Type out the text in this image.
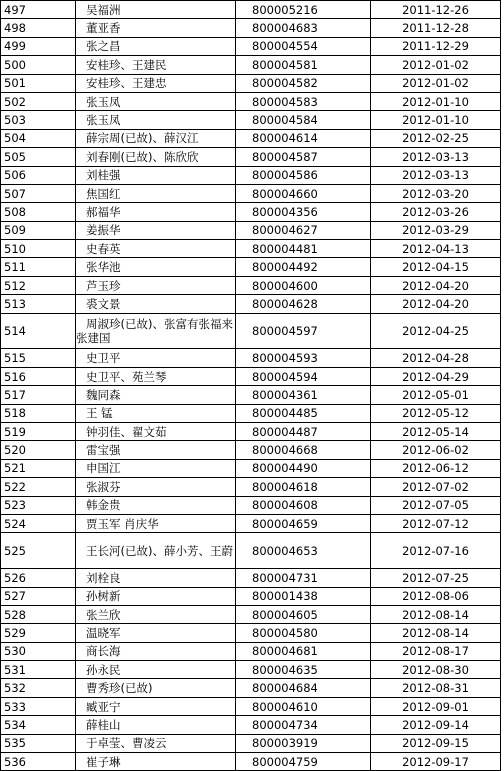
497	吴福洲	800005216	2011-12-26
498	董亚香	800004683	2011-12-28
499	张之昌	800004554	2011-12-29
500	安桂珍、王建民	800004581	2012-01-02
501	安桂珍、王建忠	800004582	2012-01-02
502	张玉凤	800004583	2012-01-10
503	张玉凤	800004584	2012-01-10
504	薛宗周(已故)、薛汉江	800004614	2012-02-25
505	刘春刚(已故)、陈欣欣	800004587	2012-03-13
506	刘桂强	800004586	2012-03-13
507	焦国红	800004660	2012-03-20
508	郝福华	800004356	2012-03-26
509	姜振华	800004627	2012-03-29
510	史春英	800004481	2012-04-13
511	张华池	800004492	2012-04-15
512	芦玉珍	800004600	2012-04-20
513	裘文景	800004628	2012-04-20
514	周淑珍(已故)、张富有张福来 张建国	800004597	2012-04-25
515	史卫平	800004593	2012-04-28
516	史卫平、苑兰琴	800004594	2012-04-29
517	魏同森	800004361	2012-05-01
518	王 锰	800004485	2012-05-12
519	钟羽佳、翟文茹	800004487	2012-05-14
520	雷宝强	800004668	2012-06-02
521	申国江	800004490	2012-06-12
522	张淑芬	800004618	2012-07-02
523	韩金贵	800004608	2012-07-05
524	贾玉军 肖庆华	800004659	2012-07-12
525	王长河(已故)、薛小芳、王蔚	800004653	2012-07-16
526	刘栓良	800004731	2012-07-25
527	孙树新	800001438	2012-08-06
528	张兰欣	800004605	2012-08-14
529	温晓军	800004580	2012-08-14
530	商长海	800004681	2012-08-17
531	孙永民	800004635	2012-08-30
532	曹秀珍(已故)	800004684	2012-08-31
533	臧亚宁	800004610	2012-09-01
534	薛桂山	800004734	2012-09-14
535	于卓莹、曹凌云	800003919	2012-09-15
536	崔子琳	800004759	2012-09-17
